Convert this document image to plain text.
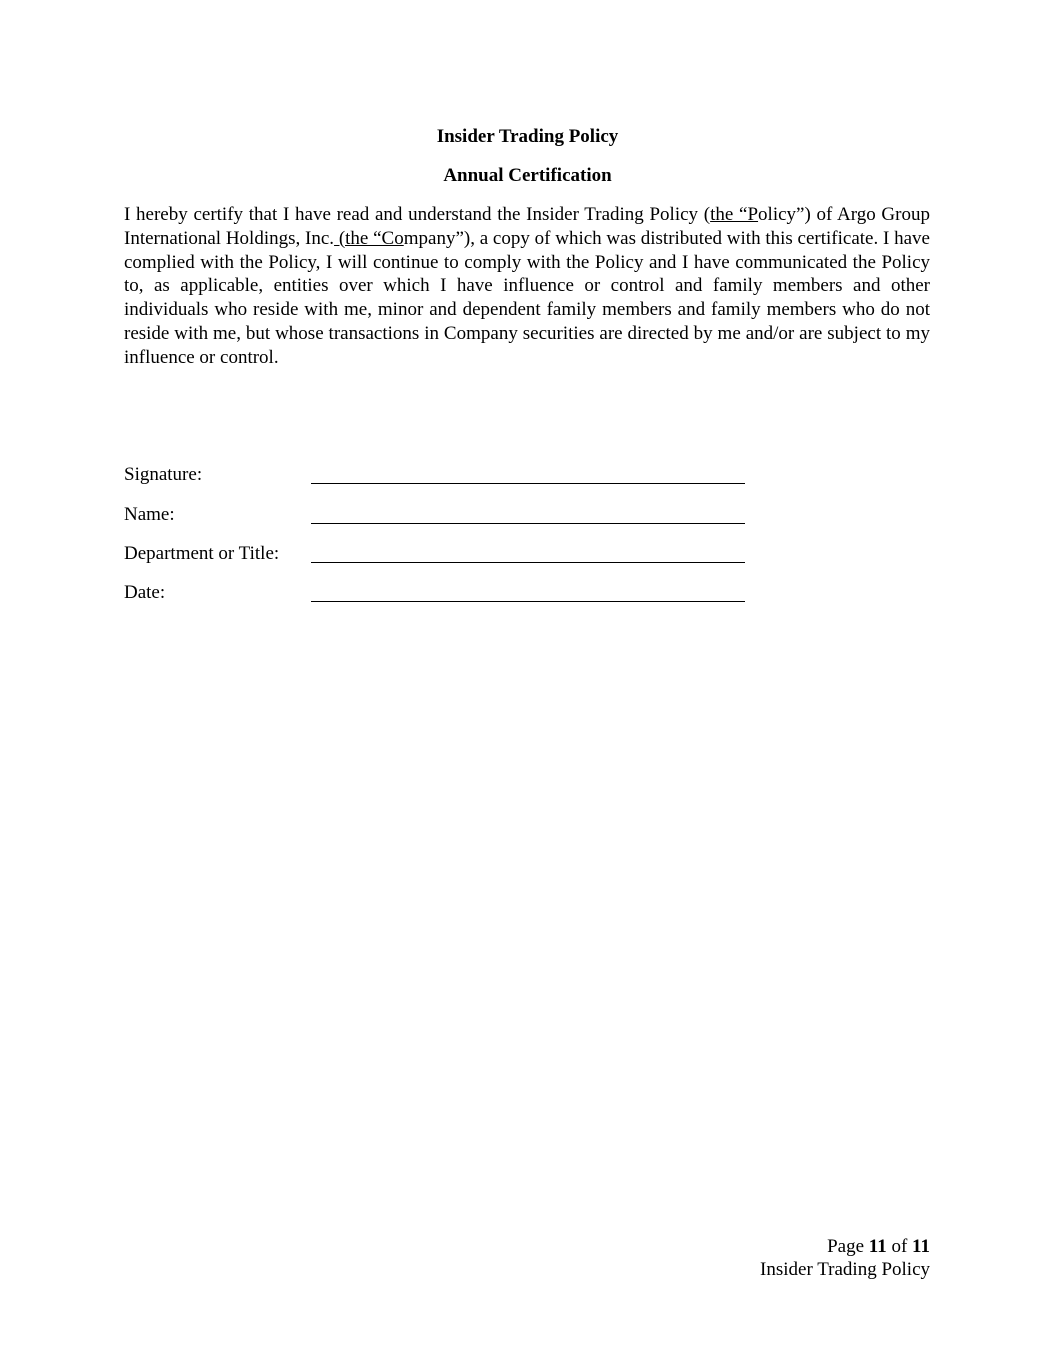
Insider Trading Policy
Annual Certification
I hereby certify that I have read and understand the Insider Trading Policy (the “Policy”) of Argo Group International Holdings, Inc. (the “Company”), a copy of which was distributed with this certificate. I have complied with the Policy, I will continue to comply with the Policy and I have communicated the Policy to, as applicable, entities over which I have influence or control and family members and other individuals who reside with me, minor and dependent family members and family members who do not reside with me, but whose transactions in Company securities are directed by me and/or are subject to my influence or control.
Signature:
Name:
Department or Title:
Date:
Page 11 of 11
Insider Trading Policy
